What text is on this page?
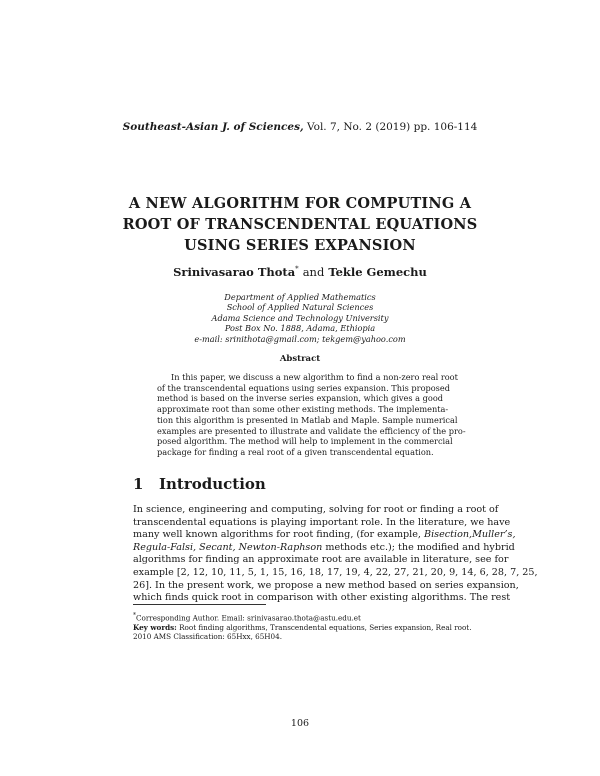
Southeast-Asian J. of Sciences, Vol. 7, No. 2 (2019) pp. 106-114
A NEW ALGORITHM FOR COMPUTING A
ROOT OF TRANSCENDENTAL EQUATIONS
USING SERIES EXPANSION
Srinivasarao Thota* and Tekle Gemechu
Department of Applied Mathematics
School of Applied Natural Sciences
Adama Science and Technology University
Post Box No. 1888, Adama, Ethiopia
e-mail: srinithota@gmail.com; tekgem@yahoo.com
Abstract
In this paper, we discuss a new algorithm to find a non-zero real root
of the transcendental equations using series expansion. This proposed
method is based on the inverse series expansion, which gives a good
approximate root than some other existing methods. The implementa-
tion this algorithm is presented in Matlab and Maple. Sample numerical
examples are presented to illustrate and validate the efficiency of the pro-
posed algorithm. The method will help to implement in the commercial
package for finding a real root of a given transcendental equation.
1 Introduction
In science, engineering and computing, solving for root or finding a root of
transcendental equations is playing important role. In the literature, we have
many well known algorithms for root finding, (for example, Bisection,Muller’s,
Regula-Falsi, Secant, Newton-Raphson methods etc.); the modified and hybrid
algorithms for finding an approximate root are available in literature, see for
example [2, 12, 10, 11, 5, 1, 15, 16, 18, 17, 19, 4, 22, 27, 21, 20, 9, 14, 6, 28, 7, 25,
26]. In the present work, we propose a new method based on series expansion,
which finds quick root in comparison with other existing algorithms. The rest
*Corresponding Author. Email: srinivasarao.thota@astu.edu.et
Key words: Root finding algorithms, Transcendental equations, Series expansion, Real root.
2010 AMS Classification: 65Hxx, 65H04.
106
